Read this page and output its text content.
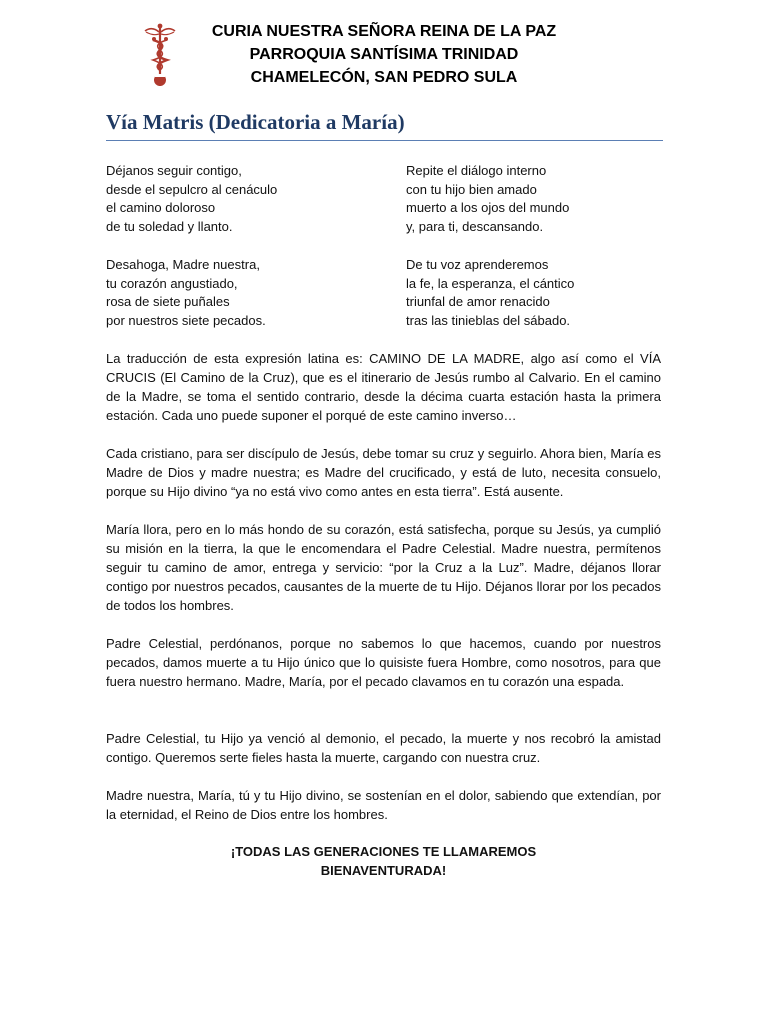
CURIA NUESTRA SEÑORA REINA DE LA PAZ
PARROQUIA SANTÍSIMA TRINIDAD
CHAMELECÓN, SAN PEDRO SULA
Vía Matris (Dedicatoria a María)
Déjanos seguir contigo,
desde el sepulcro al cenáculo
el camino doloroso
de tu soledad y llanto.
Repite el diálogo interno
con tu hijo bien amado
muerto a los ojos del mundo
y, para ti, descansando.
Desahoga, Madre nuestra,
tu corazón angustiado,
rosa de siete puñales
por nuestros siete pecados.
De tu voz aprenderemos
la fe, la esperanza, el cántico
triunfal de amor renacido
tras las tinieblas del sábado.

La traducción de esta expresión latina es: CAMINO DE LA MADRE, algo así como el VÍA CRUCIS (El Camino de la Cruz), que es el itinerario de Jesús rumbo al Calvario. En el camino de la Madre, se toma el sentido contrario, desde la décima cuarta estación hasta la primera estación. Cada uno puede suponer el porqué de este camino inverso…

Cada cristiano, para ser discípulo de Jesús, debe tomar su cruz y seguirlo. Ahora bien, María es Madre de Dios y madre nuestra; es Madre del crucificado, y está de luto, necesita consuelo, porque su Hijo divino “ya no está vivo como antes en esta tierra”. Está ausente.

María llora, pero en lo más hondo de su corazón, está satisfecha, porque su Jesús, ya cumplió su misión en la tierra, la que le encomendara el Padre Celestial. Madre nuestra, permítenos seguir tu camino de amor, entrega y servicio: “por la Cruz a la Luz”. Madre, déjanos llorar contigo por nuestros pecados, causantes de la muerte de tu Hijo. Déjanos llorar por los pecados de todos los hombres.

Padre Celestial, perdónanos, porque no sabemos lo que hacemos, cuando por nuestros pecados, damos muerte a tu Hijo único que lo quisiste fuera Hombre, como nosotros, para que fuera nuestro hermano. Madre, María, por el pecado clavamos en tu corazón una espada.

Padre Celestial, tu Hijo ya venció al demonio, el pecado, la muerte y nos recobró la amistad contigo. Queremos serte fieles hasta la muerte, cargando con nuestra cruz.

Madre nuestra, María, tú y tu Hijo divino, se sostenían en el dolor, sabiendo que extendían, por la eternidad, el Reino de Dios entre los hombres.

¡TODAS LAS GENERACIONES TE LLAMAREMOS
BIENAVENTURADA!
